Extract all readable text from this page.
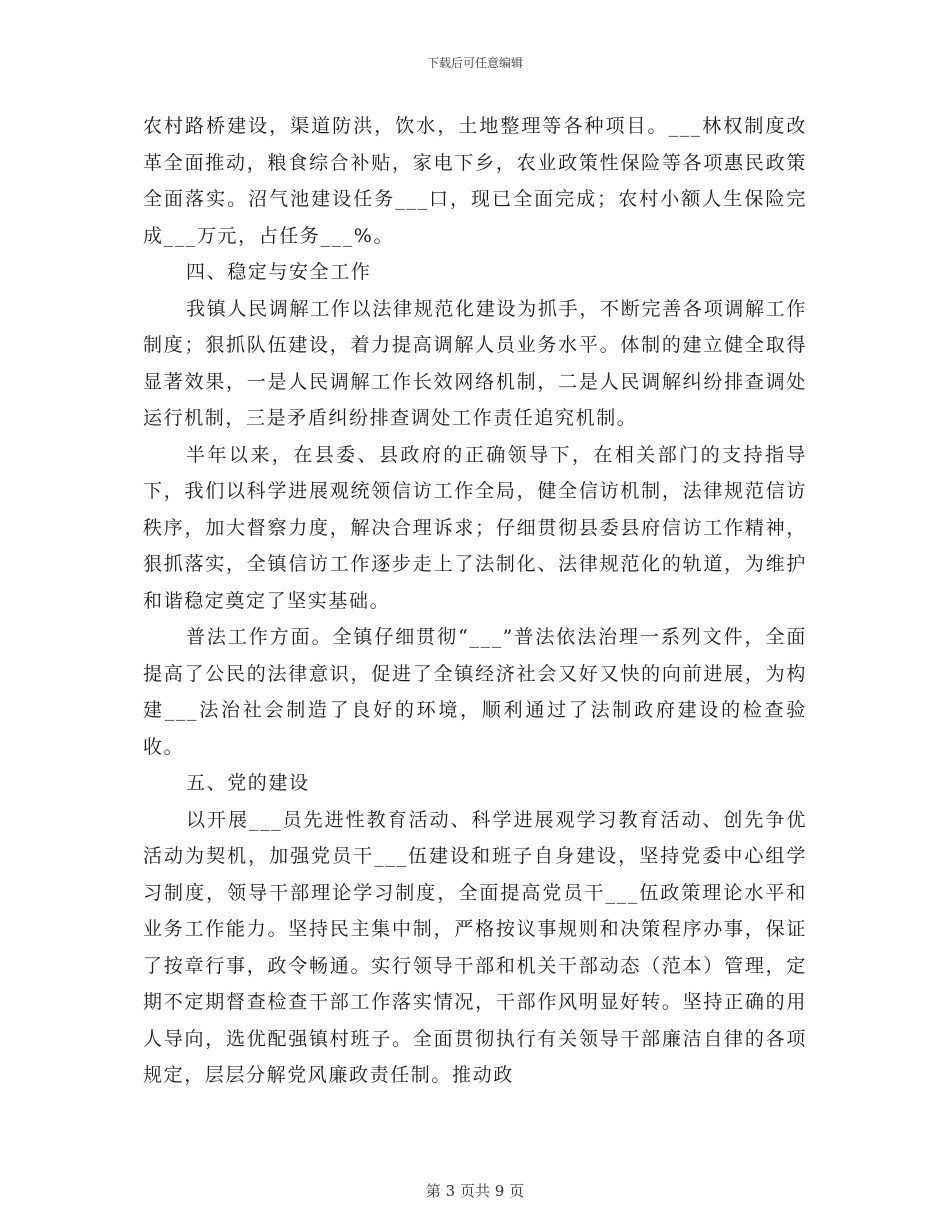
下载后可任意编辑

农村路桥建设，渠道防洪，饮水，土地整理等各种项目。___林权制度改革全面推动，粮食综合补贴，家电下乡，农业政策性保险等各项惠民政策全面落实。沼气池建设任务___口，现已全面完成；农村小额人生保险完成___万元，占任务___%。

四、稳定与安全工作

我镇人民调解工作以法律规范化建设为抓手，不断完善各项调解工作制度；狠抓队伍建设，着力提高调解人员业务水平。体制的建立健全取得显著效果，一是人民调解工作长效网络机制，二是人民调解纠纷排查调处运行机制，三是矛盾纠纷排查调处工作责任追究机制。

半年以来，在县委、县政府的正确领导下，在相关部门的支持指导下，我们以科学进展观统领信访工作全局，健全信访机制，法律规范信访秩序，加大督察力度，解决合理诉求；仔细贯彻县委县府信访工作精神，狠抓落实，全镇信访工作逐步走上了法制化、法律规范化的轨道，为维护和谐稳定奠定了坚实基础。

普法工作方面。全镇仔细贯彻“___”普法依法治理一系列文件，全面提高了公民的法律意识，促进了全镇经济社会又好又快的向前进展，为构建___法治社会制造了良好的环境，顺利通过了法制政府建设的检查验收。

五、党的建设

以开展___员先进性教育活动、科学进展观学习教育活动、创先争优活动为契机，加强党员干___伍建设和班子自身建设，坚持党委中心组学习制度，领导干部理论学习制度，全面提高党员干___伍政策理论水平和业务工作能力。坚持民主集中制，严格按议事规则和决策程序办事，保证了按章行事，政令畅通。实行领导干部和机关干部动态（范本）管理，定期不定期督查检查干部工作落实情况，干部作风明显好转。坚持正确的用人导向，选优配强镇村班子。全面贯彻执行有关领导干部廉洁自律的各项规定，层层分解党风廉政责任制。推动政

第 3 页共 9 页
